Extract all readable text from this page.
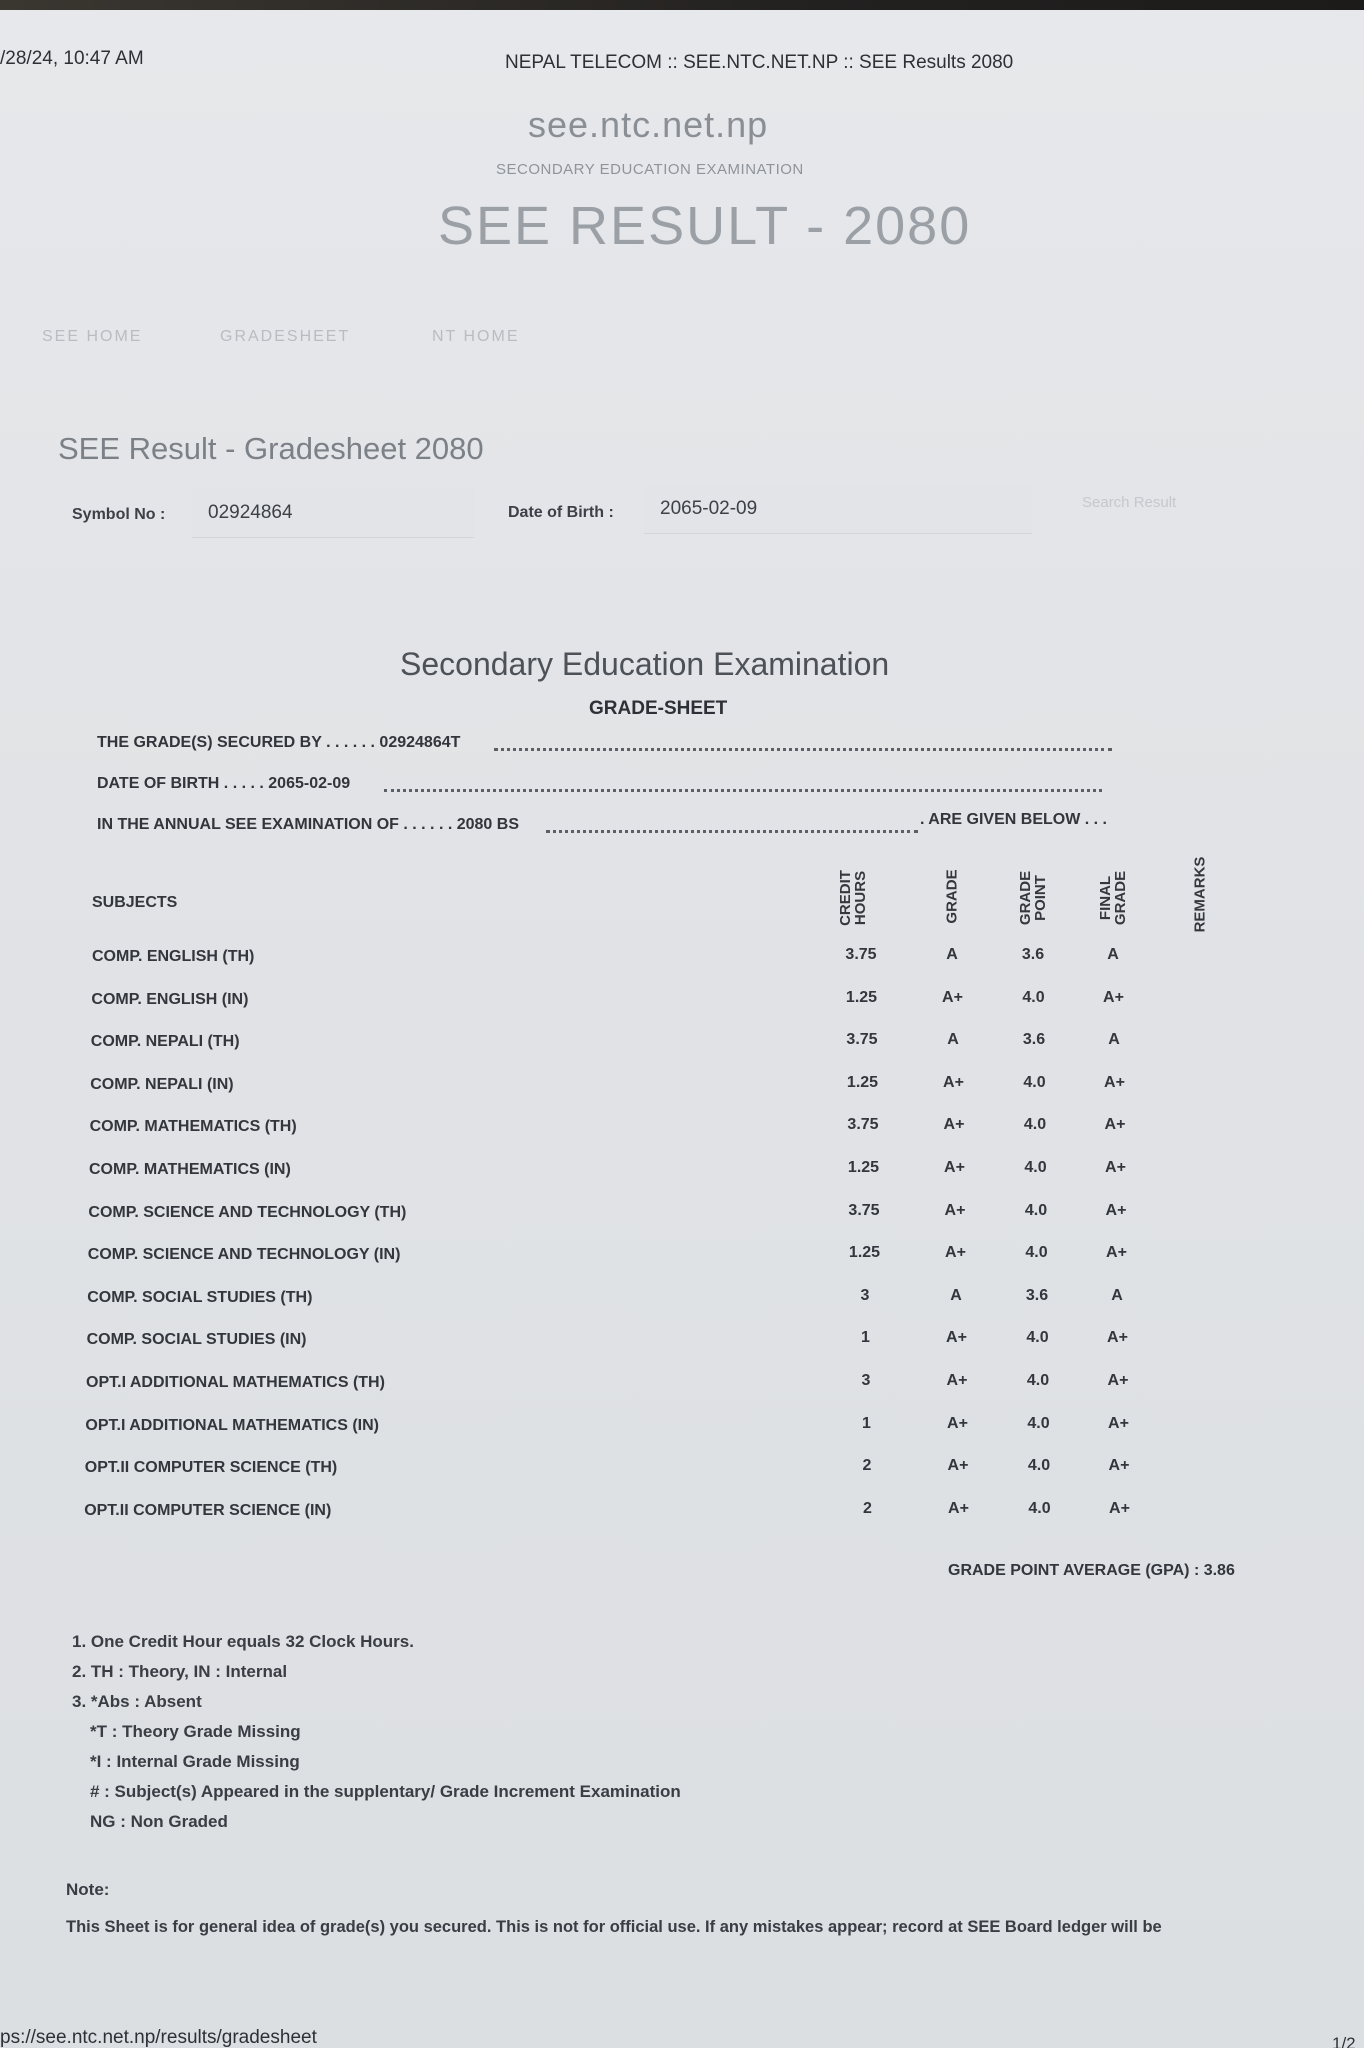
/28/24, 10:47 AM	NEPAL TELECOM :: SEE.NTC.NET.NP :: SEE Results 2080
see.ntc.net.np
SECONDARY EDUCATION EXAMINATION
SEE RESULT - 2080
SEE HOME	GRADESHEET	NT HOME
SEE Result - Gradesheet 2080
Symbol No : 02924864	Date of Birth : 2065-02-09	Search Result
Secondary Education Examination
GRADE-SHEET
THE GRADE(S) SECURED BY . . . . . . 02924864T
DATE OF BIRTH . . . . . 2065-02-09
IN THE ANNUAL SEE EXAMINATION OF . . . . . . 2080 BS	. ARE GIVEN BELOW . . .
SUBJECTS	CREDIT HOURS	GRADE	GRADE POINT	FINAL GRADE	REMARKS
COMP. ENGLISH (TH)	3.75	A	3.6	A
COMP. ENGLISH (IN)	1.25	A+	4.0	A+
COMP. NEPALI (TH)	3.75	A	3.6	A
COMP. NEPALI (IN)	1.25	A+	4.0	A+
COMP. MATHEMATICS (TH)	3.75	A+	4.0	A+
COMP. MATHEMATICS (IN)	1.25	A+	4.0	A+
COMP. SCIENCE AND TECHNOLOGY (TH)	3.75	A+	4.0	A+
COMP. SCIENCE AND TECHNOLOGY (IN)	1.25	A+	4.0	A+
COMP. SOCIAL STUDIES (TH)	3	A	3.6	A
COMP. SOCIAL STUDIES (IN)	1	A+	4.0	A+
OPT.I ADDITIONAL MATHEMATICS (TH)	3	A+	4.0	A+
OPT.I ADDITIONAL MATHEMATICS (IN)	1	A+	4.0	A+
OPT.II COMPUTER SCIENCE (TH)	2	A+	4.0	A+
OPT.II COMPUTER SCIENCE (IN)	2	A+	4.0	A+
GRADE POINT AVERAGE (GPA) : 3.86
1. One Credit Hour equals 32 Clock Hours.
2. TH : Theory, IN : Internal
3. *Abs : Absent
*T : Theory Grade Missing
*I : Internal Grade Missing
# : Subject(s) Appeared in the supplentary/ Grade Increment Examination
NG : Non Graded
Note:
This Sheet is for general idea of grade(s) you secured. This is not for official use. If any mistakes appear; record at SEE Board ledger will be
ps://see.ntc.net.np/results/gradesheet	1/2
